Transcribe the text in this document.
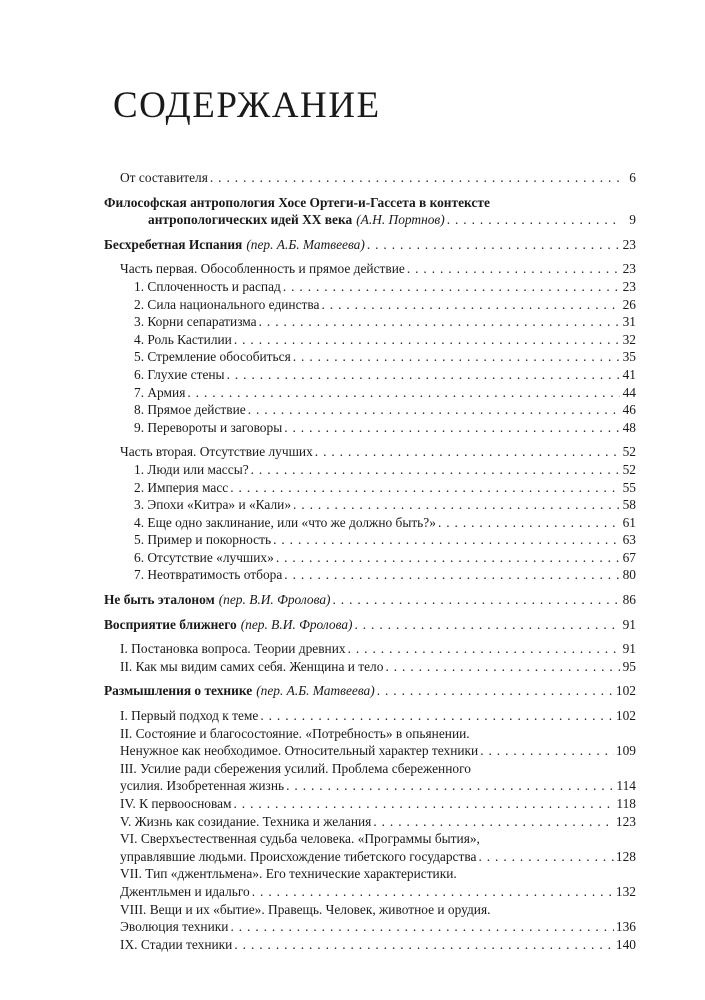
СОДЕРЖАНИЕ
От составителя . . .	6
Философская антропология Хосе Ортеги-и-Гассета в контексте
антропологических идей XX века (А.Н. Портнов) . . .	9
Бесхребетная Испания (пер. А.Б. Матвеева) . . .	23
Часть первая. Обособленность и прямое действие . . .	23
1. Сплоченность и распад . . .	23
2. Сила национального единства . . .	26
3. Корни сепаратизма . . .	31
4. Роль Кастилии . . .	32
5. Стремление обособиться . . .	35
6. Глухие стены . . .	41
7. Армия . . .	44
8. Прямое действие . . .	46
9. Перевороты и заговоры . . .	48
Часть вторая. Отсутствие лучших . . .	52
1. Люди или массы? . . .	52
2. Империя масс . . .	55
3. Эпохи «Китра» и «Кали» . . .	58
4. Еще одно заклинание, или «что же должно быть?» . . .	61
5. Пример и покорность . . .	63
6. Отсутствие «лучших» . . .	67
7. Неотвратимость отбора . . .	80
Не быть эталоном (пер. В.И. Фролова) . . .	86
Восприятие ближнего (пер. В.И. Фролова) . . .	91
I. Постановка вопроса. Теории древних . . .	91
II. Как мы видим самих себя. Женщина и тело . . .	95
Размышления о технике (пер. А.Б. Матвеева) . . .	102
I. Первый подход к теме . . .	102
II. Состояние и благосостояние. «Потребность» в опьянении.
Ненужное как необходимое. Относительный характер техники . . .	109
III. Усилие ради сбережения усилий. Проблема сбереженного
усилия. Изобретенная жизнь . . .	114
IV. К первоосновам . . .	118
V. Жизнь как созидание. Техника и желания . . .	123
VI. Сверхъестественная судьба человека. «Программы бытия»,
управлявшие людьми. Происхождение тибетского государства . . .	128
VII. Тип «джентльмена». Его технические характеристики.
Джентльмен и идальго . . .	132
VIII. Вещи и их «бытие». Правещь. Человек, животное и орудия.
Эволюция техники . . .	136
IX. Стадии техники . . .	140
